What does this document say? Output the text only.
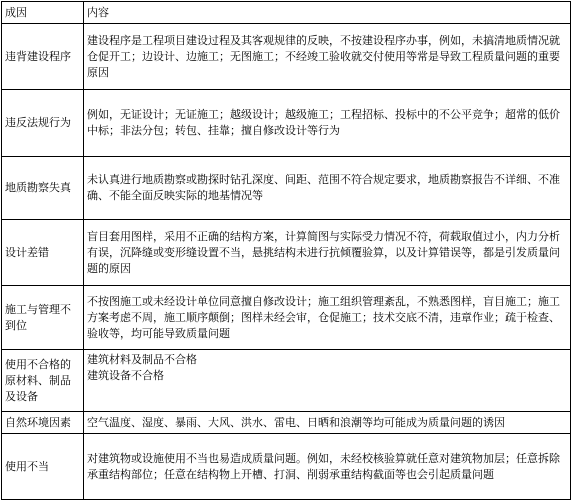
成因	内容
违背建设程序	建设程序是工程项目建设过程及其客观规律的反映，不按建设程序办事，例如，未搞清地质情况就仓促开工；边设计、边施工；无图施工；不经竣工验收就交付使用等常是导致工程质量问题的重要原因
违反法规行为	例如，无证设计；无证施工；越级设计；越级施工；工程招标、投标中的不公平竞争；超常的低价中标；非法分包；转包、挂靠；擅自修改设计等行为
地质勘察失真	未认真进行地质勘察或勘探时钻孔深度、间距、范围不符合规定要求，地质勘察报告不详细、不准确、不能全面反映实际的地基情况等
设计差错	盲目套用图样，采用不正确的结构方案，计算简图与实际受力情况不符，荷载取值过小，内力分析有误，沉降缝或变形缝设置不当，悬挑结构未进行抗倾覆验算，以及计算错误等，都是引发质量问题的原因
施工与管理不到位	不按图施工或未经设计单位同意擅自修改设计；施工组织管理紊乱，不熟悉图样，盲目施工；施工方案考虑不周，施工顺序颠倒；图样未经会审，仓促施工；技术交底不清，违章作业；疏于检查、验收等，均可能导致质量问题
使用不合格的原材料、制品及设备	建筑材料及制品不合格
建筑设备不合格

自然环境因素	空气温度、湿度、暴雨、大风、洪水、雷电、日晒和浪潮等均可能成为质量问题的诱因
使用不当	对建筑物或设施使用不当也易造成质量问题。例如，未经校核验算就任意对建筑物加层；任意拆除承重结构部位；任意在结构物上开槽、打洞、削弱承重结构截面等也会引起质量问题
